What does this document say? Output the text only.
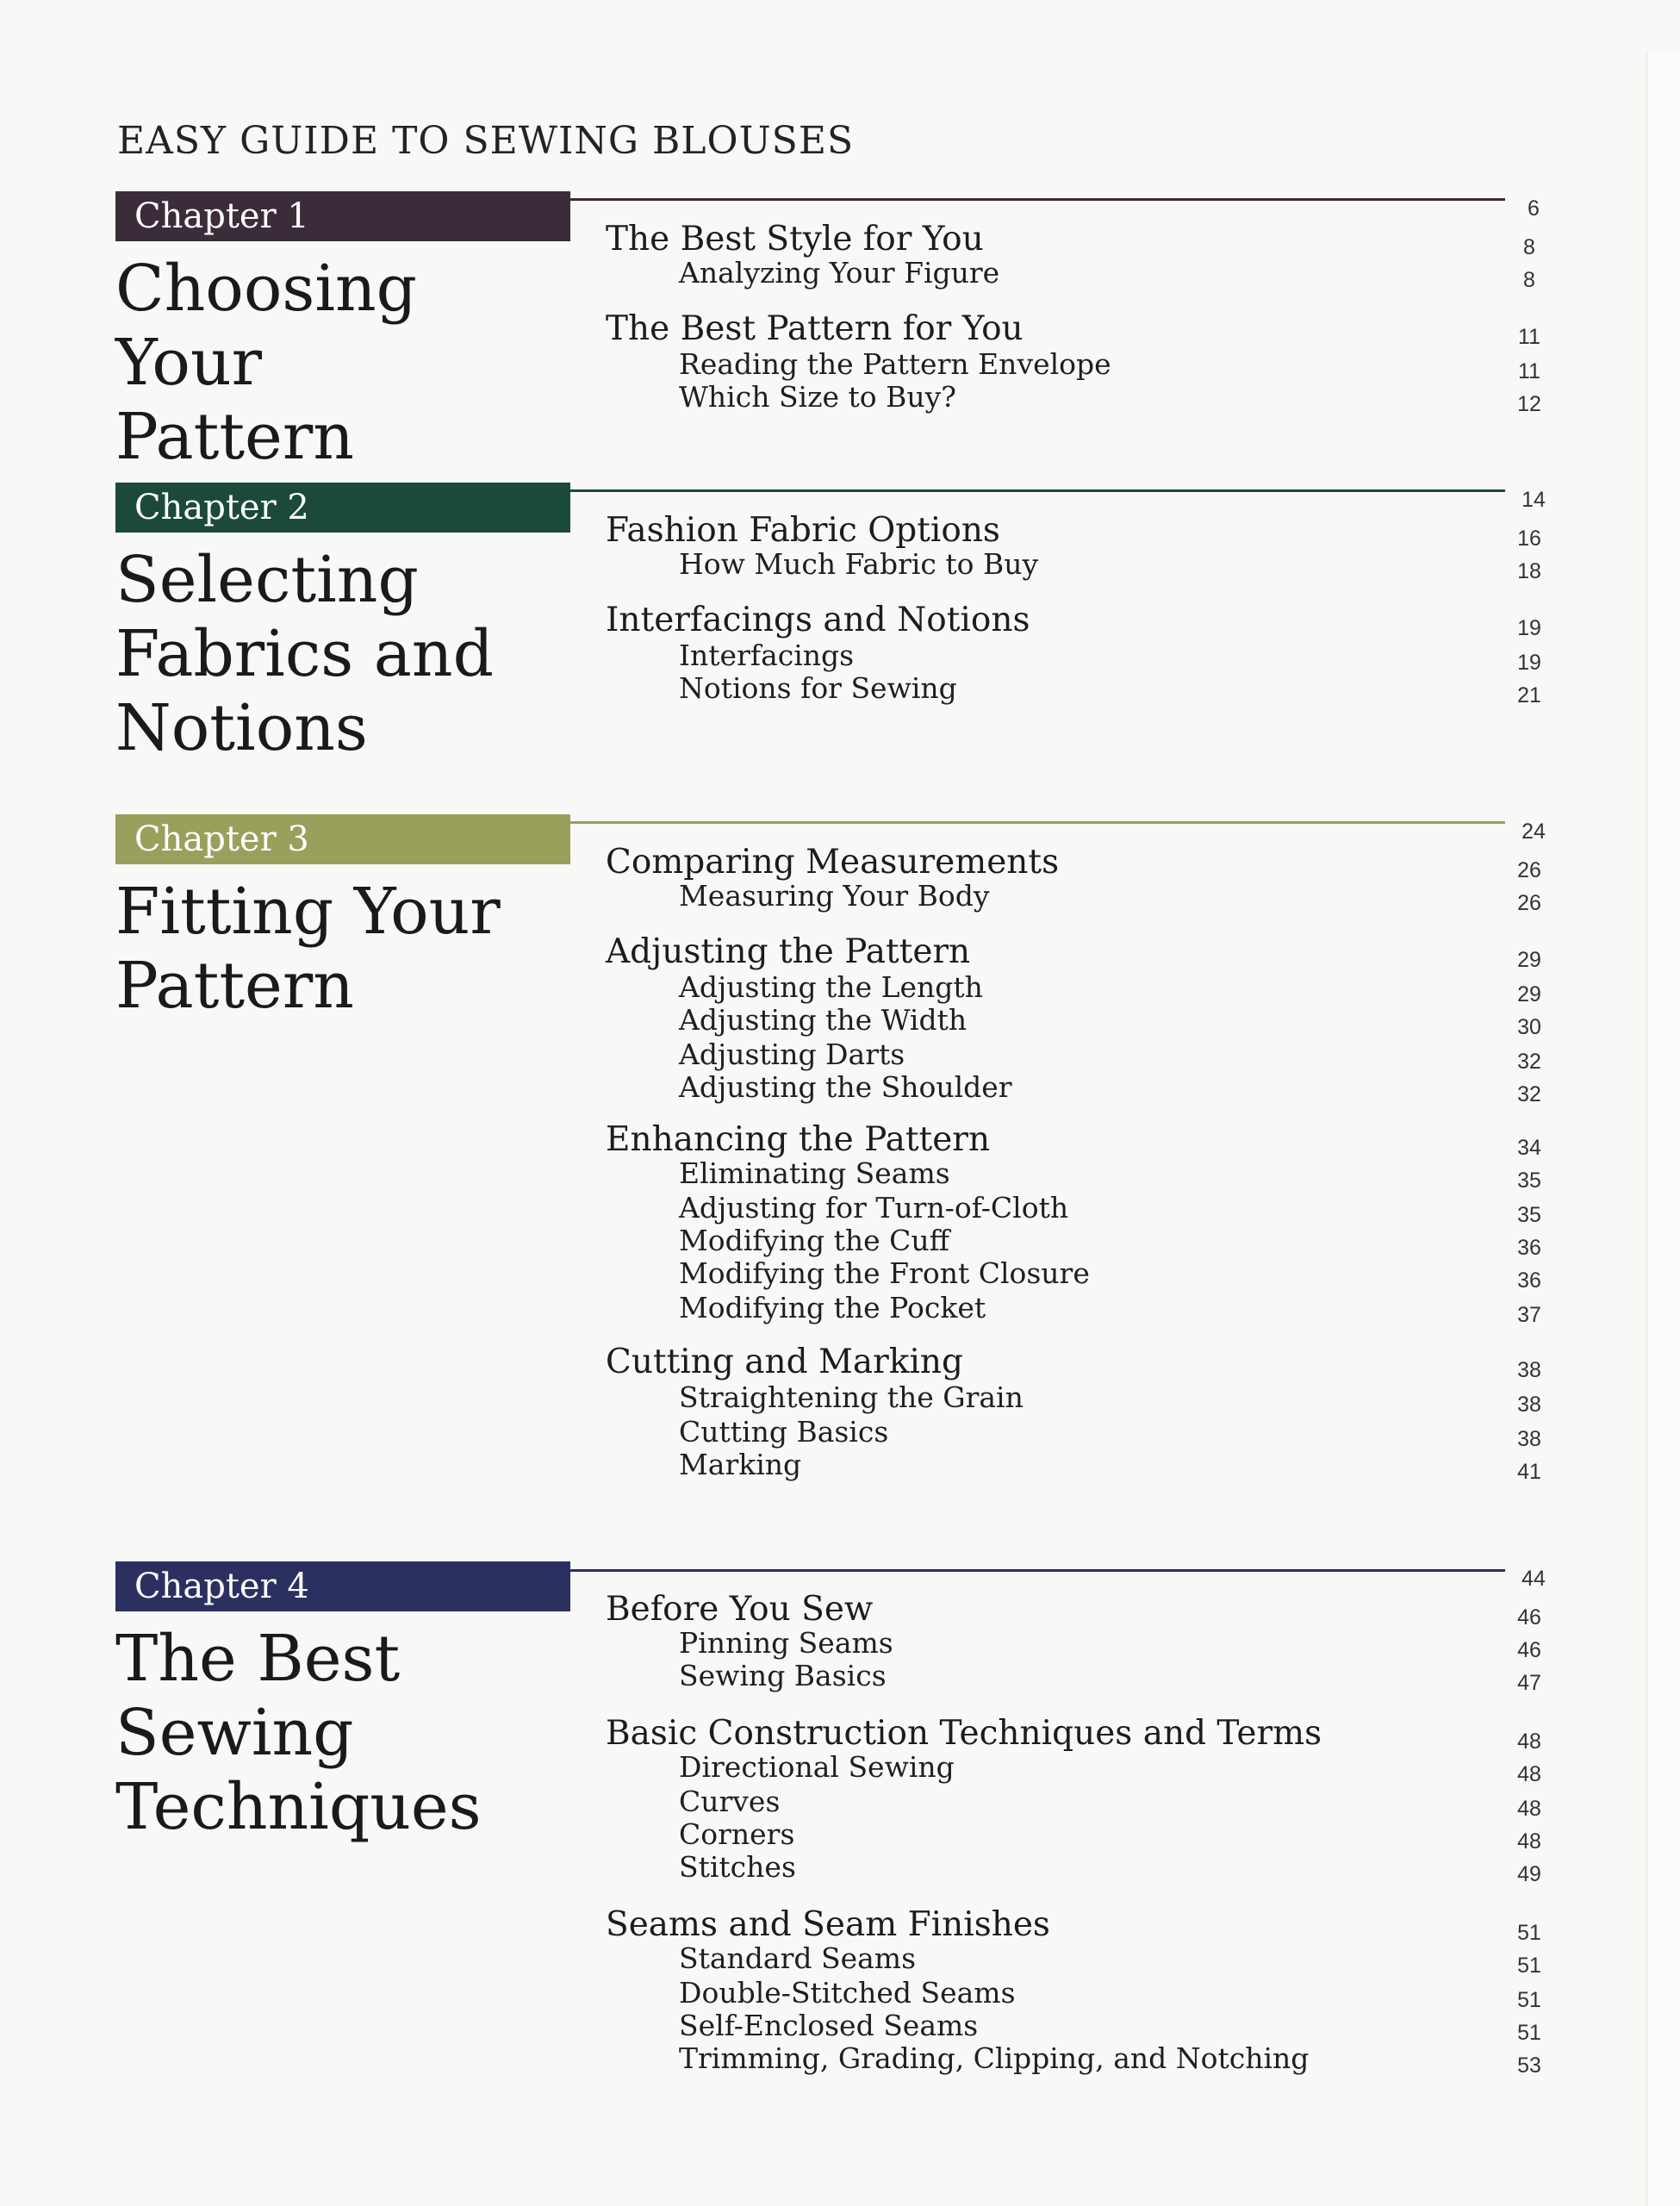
EASY GUIDE TO SEWING BLOUSES
Chapter 1	6
Choosing Your
Pattern
The Best Style for You	8
Analyzing Your Figure	8
The Best Pattern for You	11
Reading the Pattern Envelope	11
Which Size to Buy?	12
Chapter 2	14
Selecting
Fabrics and
Notions
Fashion Fabric Options	16
How Much Fabric to Buy	18
Interfacings and Notions	19
Interfacings	19
Notions for Sewing	21
Chapter 3	24
Fitting Your
Pattern
Comparing Measurements	26
Measuring Your Body	26
Adjusting the Pattern	29
Adjusting the Length	29
Adjusting the Width	30
Adjusting Darts	32
Adjusting the Shoulder	32
Enhancing the Pattern	34
Eliminating Seams	35
Adjusting for Turn-of-Cloth	35
Modifying the Cuff	36
Modifying the Front Closure	36
Modifying the Pocket	37
Cutting and Marking	38
Straightening the Grain	38
Cutting Basics	38
Marking	41
Chapter 4	44
The Best
Sewing
Techniques
Before You Sew	46
Pinning Seams	46
Sewing Basics	47
Basic Construction Techniques and Terms	48
Directional Sewing	48
Curves	48
Corners	48
Stitches	49
Seams and Seam Finishes	51
Standard Seams	51
Double-Stitched Seams	51
Self-Enclosed Seams	51
Trimming, Grading, Clipping, and Notching	53
